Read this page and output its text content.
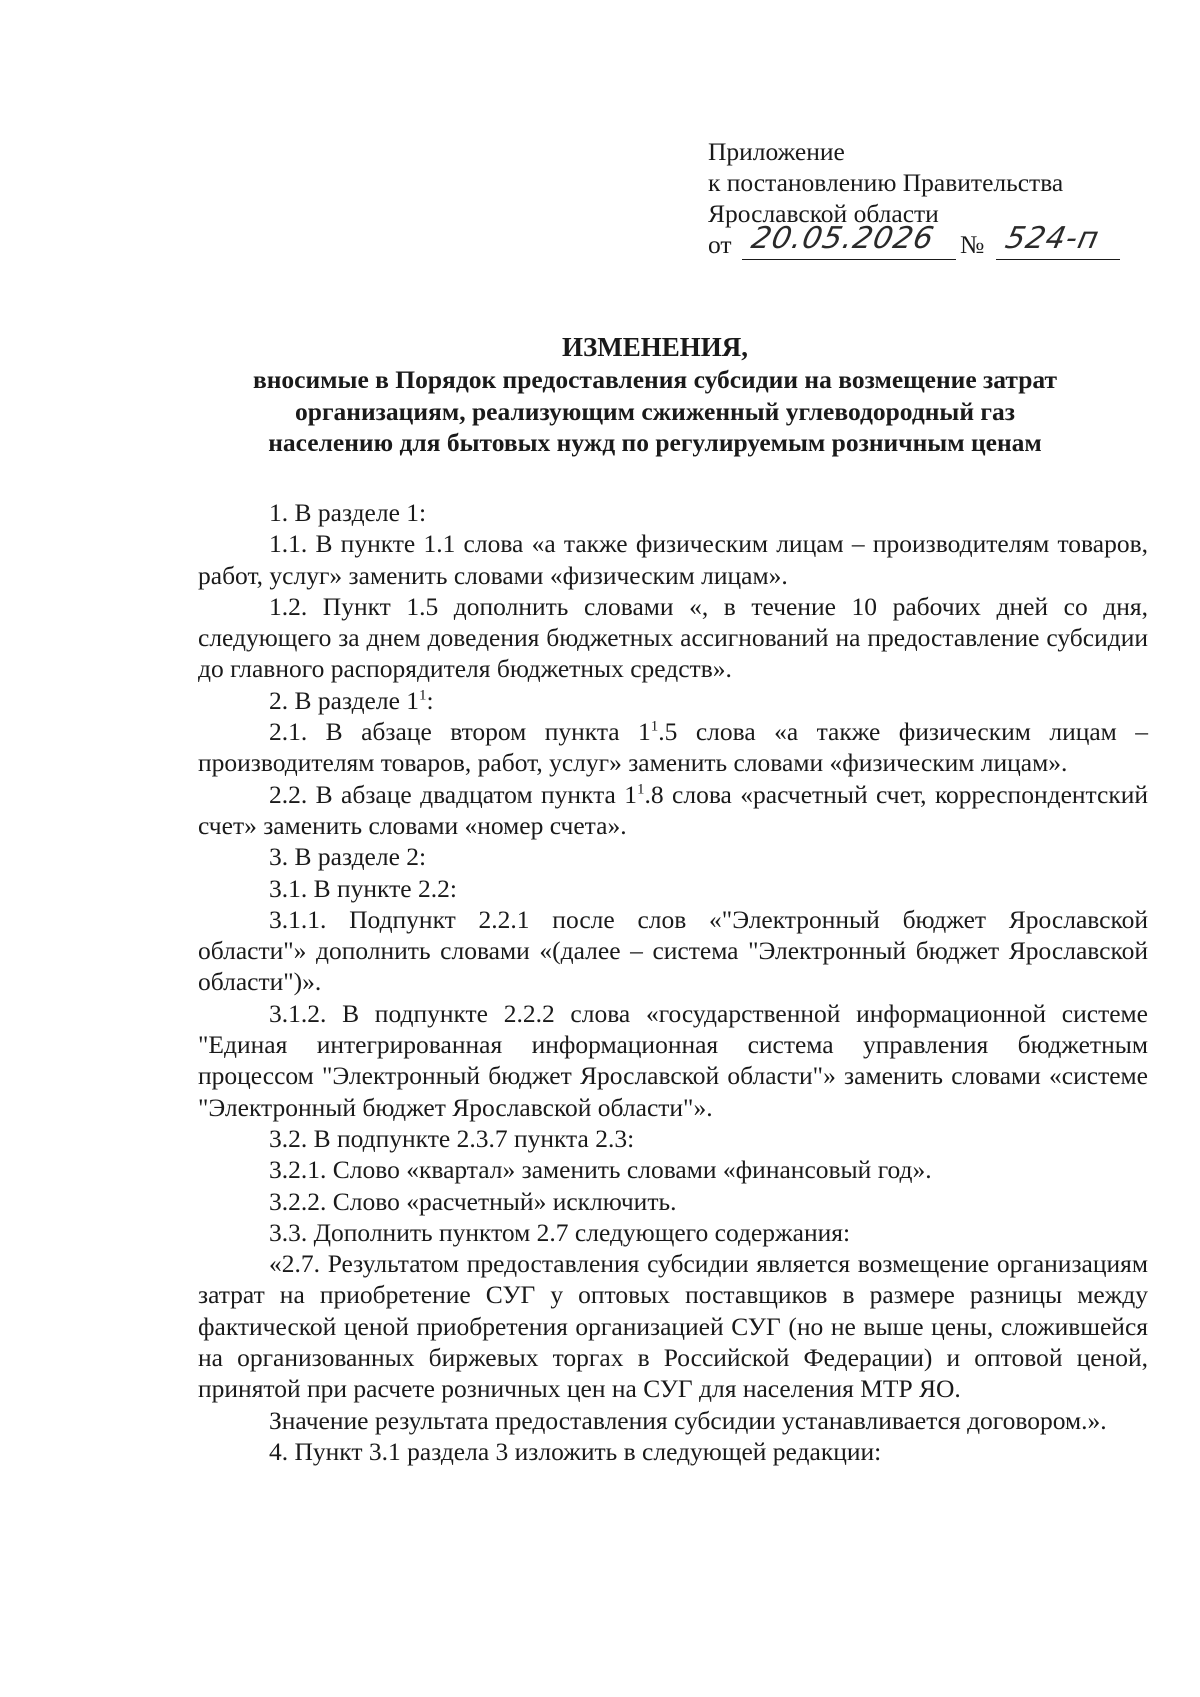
Приложение
к постановлению Правительства
Ярославской области
от 20.05.2026 № 524-п
ИЗМЕНЕНИЯ,
вносимые в Порядок предоставления субсидии на возмещение затрат
организациям, реализующим сжиженный углеводородный газ
населению для бытовых нужд по регулируемым розничным ценам

1. В разделе 1:

1.1. В пункте 1.1 слова «а также физическим лицам – производителям товаров, работ, услуг» заменить словами «физическим лицам».

1.2. Пункт 1.5 дополнить словами «, в течение 10 рабочих дней со дня, следующего за днем доведения бюджетных ассигнований на предоставление субсидии до главного распорядителя бюджетных средств».

2. В разделе $1^1$:

2.1. В абзаце втором пункта $1^1.5$ слова «а также физическим лицам – производителям товаров, работ, услуг» заменить словами «физическим лицам».

2.2. В абзаце двадцатом пункта $1^1.8$ слова «расчетный счет, корреспондентский счет» заменить словами «номер счета».

3. В разделе 2:

3.1. В пункте 2.2:

3.1.1. Подпункт 2.2.1 после слов «"Электронный бюджет Ярославской области"» дополнить словами «(далее – система "Электронный бюджет Ярославской области")».

3.1.2. В подпункте 2.2.2 слова «государственной информационной системе "Единая интегрированная информационная система управления бюджетным процессом "Электронный бюджет Ярославской области"» заменить словами «системе "Электронный бюджет Ярославской области"».

3.2. В подпункте 2.3.7 пункта 2.3:

3.2.1. Слово «квартал» заменить словами «финансовый год».

3.2.2. Слово «расчетный» исключить.

3.3. Дополнить пунктом 2.7 следующего содержания:

«2.7. Результатом предоставления субсидии является возмещение организациям затрат на приобретение СУГ у оптовых поставщиков в размере разницы между фактической ценой приобретения организацией СУГ (но не выше цены, сложившейся на организованных биржевых торгах в Российской Федерации) и оптовой ценой, принятой при расчете розничных цен на СУГ для населения МТР ЯО.

Значение результата предоставления субсидии устанавливается договором.».

4. Пункт 3.1 раздела 3 изложить в следующей редакции:
